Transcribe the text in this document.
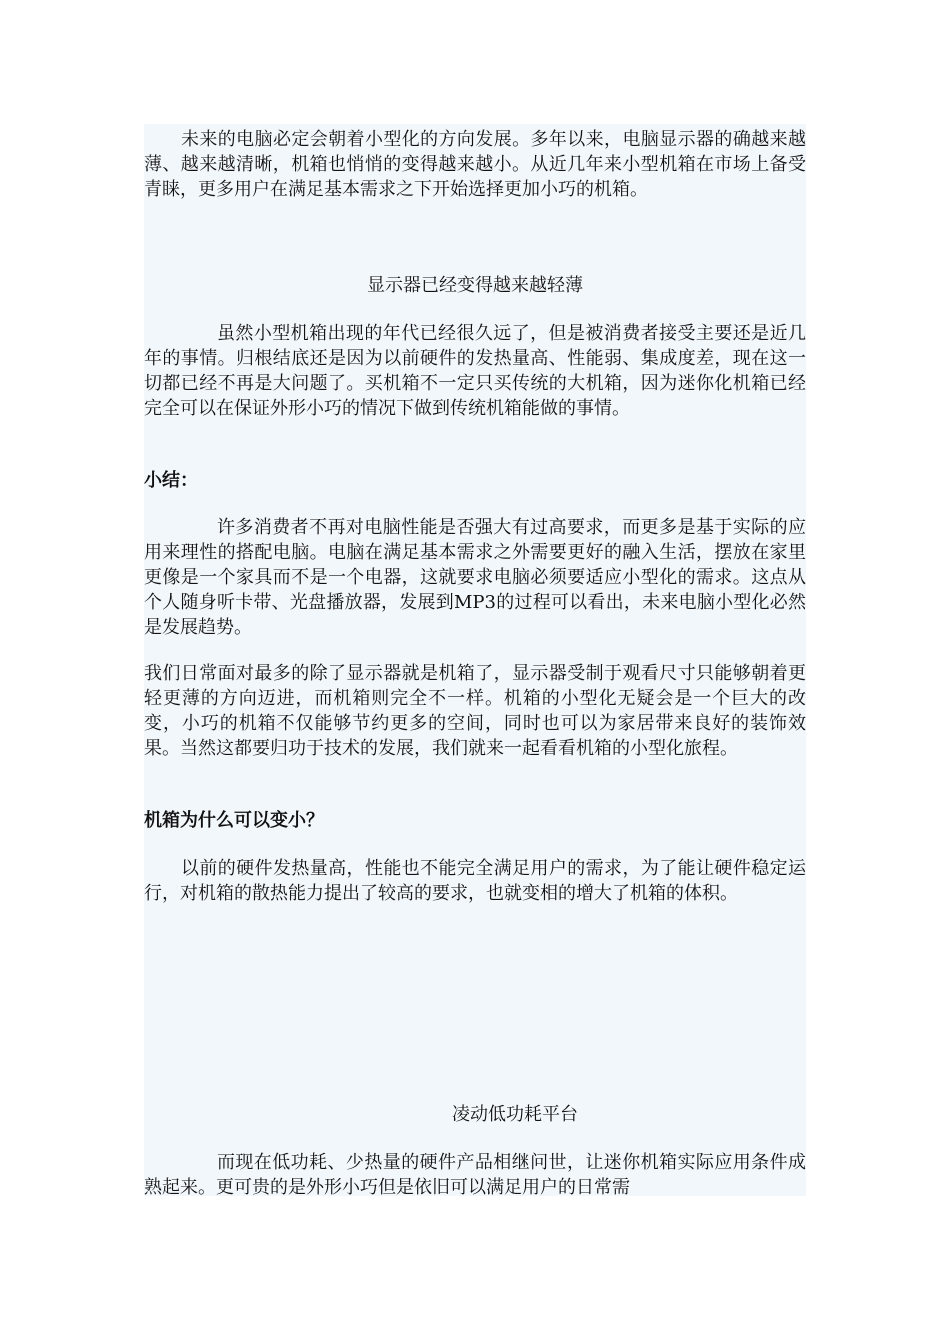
未来的电脑必定会朝着小型化的方向发展。多年以来，电脑显示器的确越来越薄、越来越清晰，机箱也悄悄的变得越来越小。从近几年来小型机箱在市场上备受青睐，更多用户在满足基本需求之下开始选择更加小巧的机箱。

显示器已经变得越来越轻薄

虽然小型机箱出现的年代已经很久远了，但是被消费者接受主要还是近几年的事情。归根结底还是因为以前硬件的发热量高、性能弱、集成度差，现在这一切都已经不再是大问题了。买机箱不一定只买传统的大机箱，因为迷你化机箱已经完全可以在保证外形小巧的情况下做到传统机箱能做的事情。

小结：

许多消费者不再对电脑性能是否强大有过高要求，而更多是基于实际的应用来理性的搭配电脑。电脑在满足基本需求之外需要更好的融入生活，摆放在家里更像是一个家具而不是一个电器，这就要求电脑必须要适应小型化的需求。这点从个人随身听卡带、光盘播放器，发展到MP3的过程可以看出，未来电脑小型化必然是发展趋势。

我们日常面对最多的除了显示器就是机箱了，显示器受制于观看尺寸只能够朝着更轻更薄的方向迈进，而机箱则完全不一样。机箱的小型化无疑会是一个巨大的改变，小巧的机箱不仅能够节约更多的空间，同时也可以为家居带来良好的装饰效果。当然这都要归功于技术的发展，我们就来一起看看机箱的小型化旅程。

机箱为什么可以变小？

以前的硬件发热量高，性能也不能完全满足用户的需求，为了能让硬件稳定运行，对机箱的散热能力提出了较高的要求，也就变相的增大了机箱的体积。

凌动低功耗平台

而现在低功耗、少热量的硬件产品相继问世，让迷你机箱实际应用条件成熟起来。更可贵的是外形小巧但是依旧可以满足用户的日常需
